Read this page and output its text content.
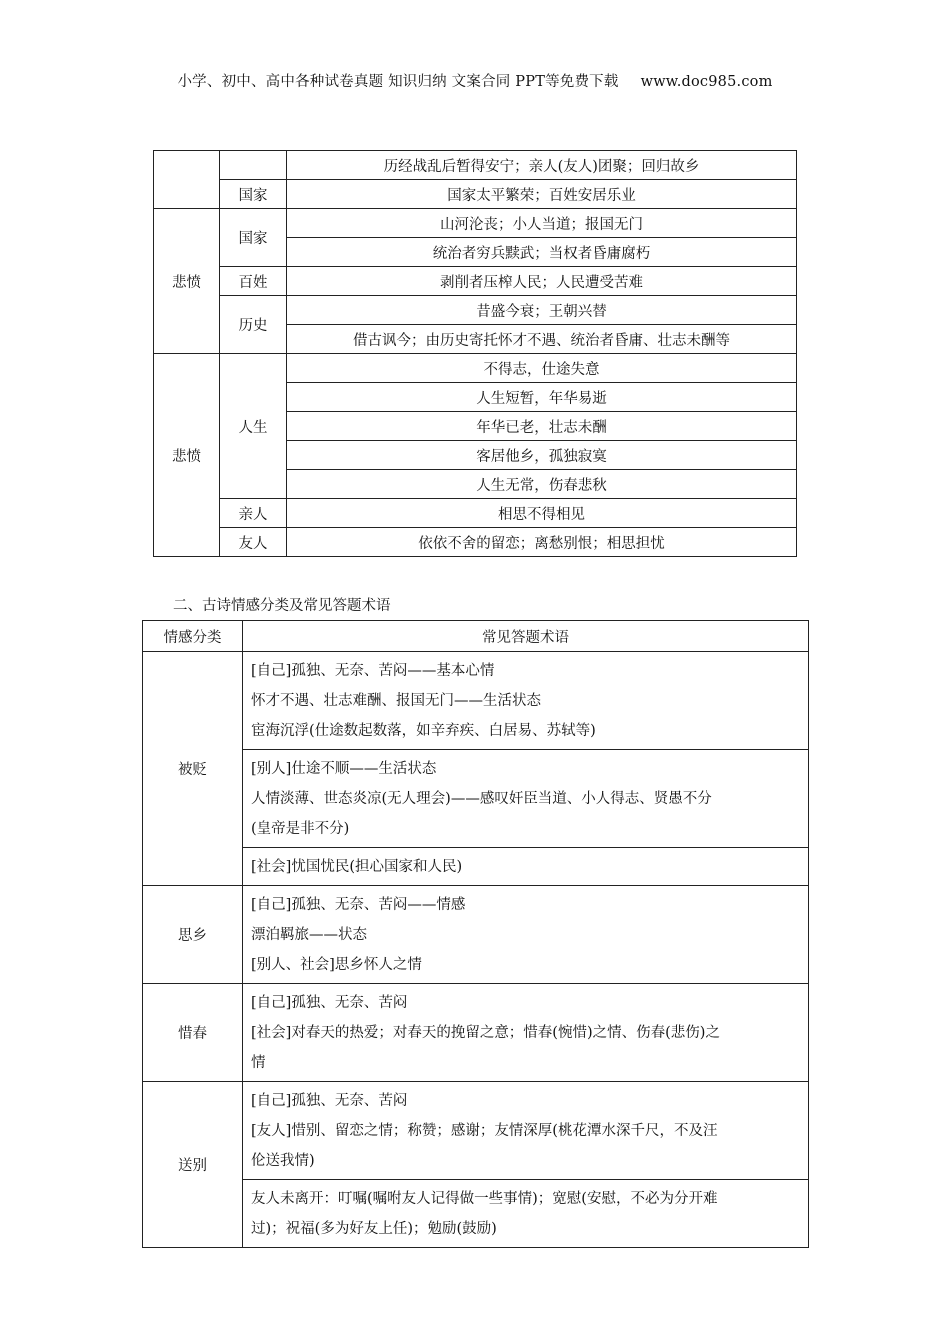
小学、初中、高中各种试卷真题 知识归纳 文案合同 PPT等免费下载 www.doc985.com
		历经战乱后暂得安宁；亲人(友人)团聚；回归故乡
	国家	国家太平繁荣；百姓安居乐业
悲愤	国家	山河沦丧；小人当道；报国无门
		统治者穷兵黩武；当权者昏庸腐朽
	百姓	剥削者压榨人民；人民遭受苦难
	历史	昔盛今衰；王朝兴替
		借古讽今；由历史寄托怀才不遇、统治者昏庸、壮志未酬等
悲愤	人生	不得志，仕途失意
		人生短暂，年华易逝
		年华已老，壮志未酬
		客居他乡，孤独寂寞
		人生无常，伤春悲秋
	亲人	相思不得相见
	友人	依依不舍的留恋；离愁别恨；相思担忧
二、古诗情感分类及常见答题术语
情感分类	常见答题术语
被贬	[自己]孤独、无奈、苦闷——基本心情
怀才不遇、壮志难酬、报国无门——生活状态
宦海沉浮(仕途数起数落，如辛弃疾、白居易、苏轼等)

	[别人]仕途不顺——生活状态
人情淡薄、世态炎凉(无人理会)——感叹奸臣当道、小人得志、贤愚不分
(皇帝是非不分)

	[社会]忧国忧民(担心国家和人民)

思乡	[自己]孤独、无奈、苦闷——情感
漂泊羁旅——状态
[别人、社会]思乡怀人之情

惜春	[自己]孤独、无奈、苦闷
[社会]对春天的热爱；对春天的挽留之意；惜春(惋惜)之情、伤春(悲伤)之
情

送别	[自己]孤独、无奈、苦闷
[友人]惜别、留恋之情；称赞；感谢；友情深厚(桃花潭水深千尺，不及汪
伦送我情)

	友人未离开：叮嘱(嘱咐友人记得做一些事情)；宽慰(安慰，不必为分开难
过)；祝福(多为好友上任)；勉励(鼓励)
